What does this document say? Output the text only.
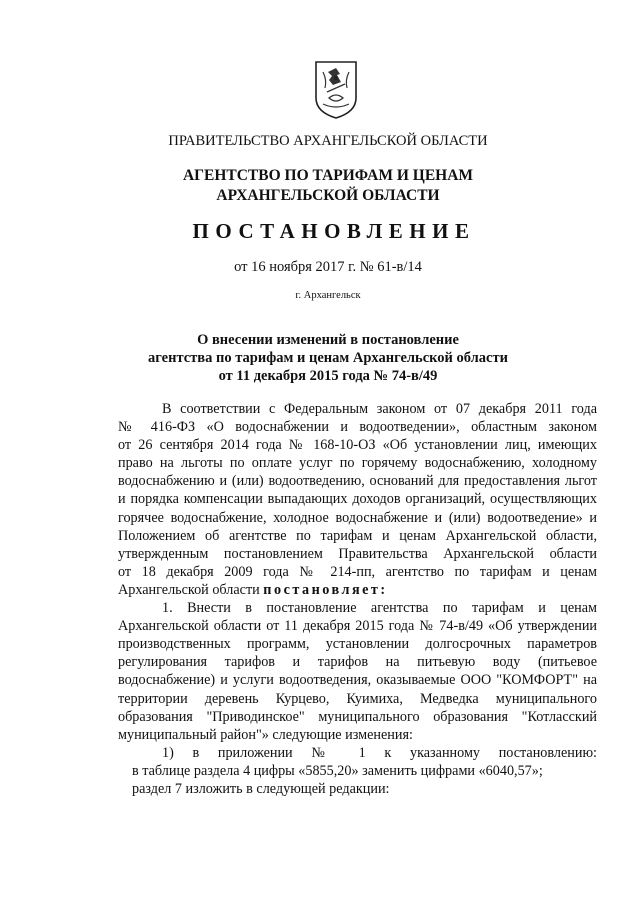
ПРАВИТЕЛЬСТВО АРХАНГЕЛЬСКОЙ ОБЛАСТИ
АГЕНТСТВО ПО ТАРИФАМ И ЦЕНАМ
АРХАНГЕЛЬСКОЙ ОБЛАСТИ
ПОСТАНОВЛЕНИЕ
от 16 ноября 2017 г. № 61-в/14
г. Архангельск
О внесении изменений в постановление
агентства по тарифам и ценам Архангельской области
от 11 декабря 2015 года № 74-в/49
В соответствии с Федеральным законом от 07 декабря 2011 года
№ 416-ФЗ «О водоснабжении и водоотведении», областным законом
от 26 сентября 2014 года № 168-10-ОЗ «Об установлении лиц, имеющих
право на льготы по оплате услуг по горячему водоснабжению, холодному
водоснабжению и (или) водоотведению, оснований для предоставления льгот
и порядка компенсации выпадающих доходов организаций, осуществляющих
горячее водоснабжение, холодное водоснабжение и (или) водоотведение» и
Положением об агентстве по тарифам и ценам Архангельской области,
утвержденным постановлением Правительства Архангельской области
от 18 декабря 2009 года № 214-пп, агентство по тарифам и ценам
Архангельской области постановляет:
1. Внести в постановление агентства по тарифам и ценам
Архангельской области от 11 декабря 2015 года № 74-в/49 «Об утверждении
производственных программ, установлении долгосрочных параметров
регулирования тарифов и тарифов на питьевую воду (питьевое
водоснабжение) и услуги водоотведения, оказываемые ООО "КОМФОРТ" на
территории деревень Курцево, Куимиха, Медведка муниципального
образования "Приводинское" муниципального образования "Котласский
муниципальный район"» следующие изменения:
1) в приложении № 1 к указанному постановлению:
в таблице раздела 4 цифры «5855,20» заменить цифрами «6040,57»;
раздел 7 изложить в следующей редакции:
